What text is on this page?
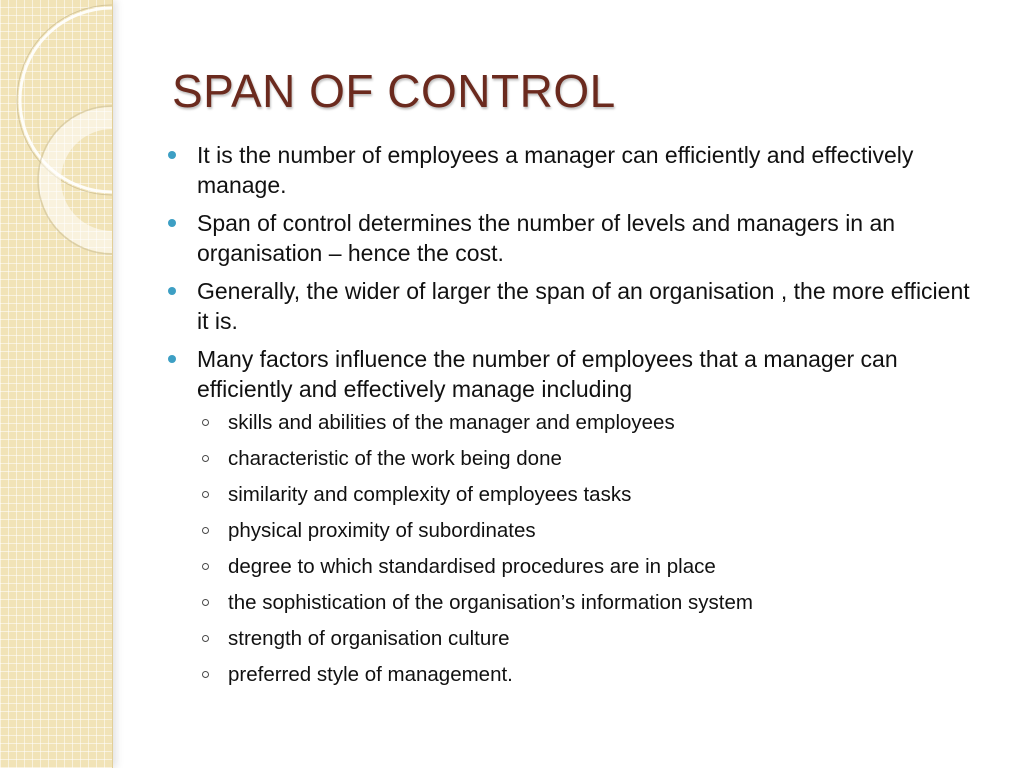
SPAN OF CONTROL
It is the number of employees a manager can efficiently and effectively manage.
Span of control determines the number of levels and managers in an organisation – hence the cost.
Generally, the wider of larger the span of an organisation , the more efficient it is.
Many factors influence the number of employees that a manager can efficiently and effectively manage including
skills and abilities of the manager and employees
characteristic of the work being done
similarity and complexity of employees tasks
physical proximity of subordinates
degree to which standardised procedures are in place
the sophistication of the organisation’s information system
strength of organisation culture
preferred style of management.
